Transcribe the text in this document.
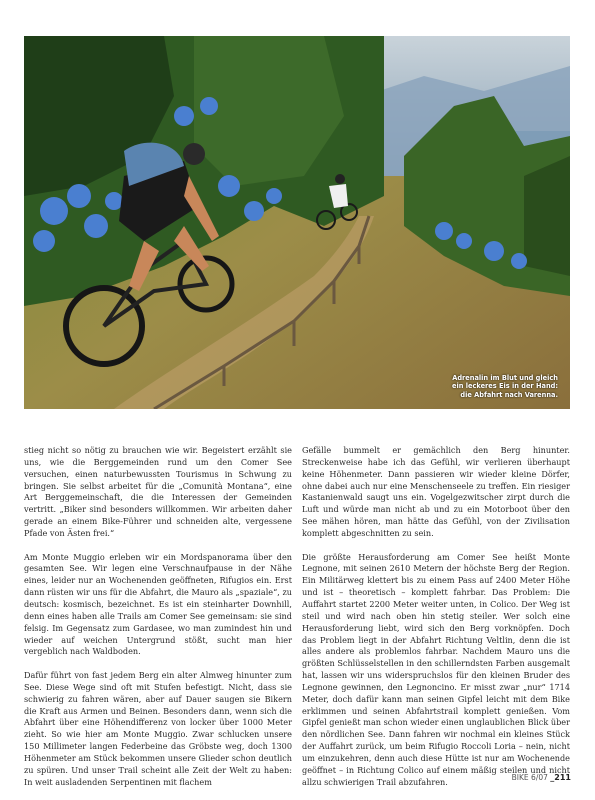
Adrenalin im Blut und gleich
ein leckeres Eis in der Hand:
die Abfahrt nach Varenna.

stieg nicht so nötig zu brauchen wie wir. Begeistert erzählt sie uns, wie die Berggemeinden rund um den Comer See versuchen, einen naturbewussten Tourismus in Schwung zu bringen. Sie selbst arbeitet für die „Comunità Montana“, eine Art Berggemeinschaft, die die Interessen der Gemeinden vertritt. „Biker sind besonders willkommen. Wir arbeiten daher gerade an einem Bike-Führer und schneiden alte, vergessene Pfade von Ästen frei.“

Am Monte Muggio erleben wir ein Mordspanorama über den gesamten See. Wir legen eine Verschnaufpause in der Nähe eines, leider nur an Wochenenden geöffneten, Rifugios ein. Erst dann rüsten wir uns für die Abfahrt, die Mauro als „spaziale“, zu deutsch: kosmisch, bezeichnet. Es ist ein steinharter Downhill, denn eines haben alle Trails am Comer See gemeinsam: sie sind felsig. Im Gegensatz zum Gardasee, wo man zumindest hin und wieder auf weichen Untergrund stößt, sucht man hier vergeblich nach Waldboden.

Dafür führt von fast jedem Berg ein alter Almweg hinunter zum See. Diese Wege sind oft mit Stufen befestigt. Nicht, dass sie schwierig zu fahren wären, aber auf Dauer saugen sie Bikern die Kraft aus Armen und Beinen. Besonders dann, wenn sich die Abfahrt über eine Höhendifferenz von locker über 1000 Meter zieht. So wie hier am Monte Muggio. Zwar schlucken unsere 150 Millimeter langen Federbeine das Gröbste weg, doch 1300 Höhenmeter am Stück bekommen unsere Glieder schon deutlich zu spüren. Und unser Trail scheint alle Zeit der Welt zu haben: In weit ausladenden Serpentinen mit flachem

Gefälle bummelt er gemächlich den Berg hinunter. Streckenweise habe ich das Gefühl, wir verlieren überhaupt keine Höhenmeter. Dann passieren wir wieder kleine Dörfer, ohne dabei auch nur eine Menschenseele zu treffen. Ein riesiger Kastanienwald saugt uns ein. Vogelgezwitscher zirpt durch die Luft und würde man nicht ab und zu ein Motorboot über den See mähen hören, man hätte das Gefühl, von der Zivilisation komplett abgeschnitten zu sein.

Die größte Herausforderung am Comer See heißt Monte Legnone, mit seinen 2610 Metern der höchste Berg der Region. Ein Militärweg klettert bis zu einem Pass auf 2400 Meter Höhe und ist – theoretisch – komplett fahrbar. Das Problem: Die Auffahrt startet 2200 Meter weiter unten, in Colico. Der Weg ist steil und wird nach oben hin stetig steiler. Wer solch eine Herausforderung liebt, wird sich den Berg vorknöpfen. Doch das Problem liegt in der Abfahrt Richtung Veltlin, denn die ist alles andere als problemlos fahrbar. Nachdem Mauro uns die größten Schlüsselstellen in den schillerndsten Farben ausgemalt hat, lassen wir uns widerspruchslos für den kleinen Bruder des Legnone gewinnen, den Legnoncino. Er misst zwar „nur“ 1714 Meter, doch dafür kann man seinen Gipfel leicht mit dem Bike erklimmen und seinen Abfahrtstrail komplett genießen. Vom Gipfel genießt man schon wieder einen unglaublichen Blick über den nördlichen See. Dann fahren wir nochmal ein kleines Stück der Auffahrt zurück, um beim Rifugio Roccoli Loria – nein, nicht um einzukehren, denn auch diese Hütte ist nur am Wochenende geöffnet – in Richtung Colico auf einem mäßig steilen und nicht allzu schwierigen Trail abzufahren.	BIKE 6/07 _211
